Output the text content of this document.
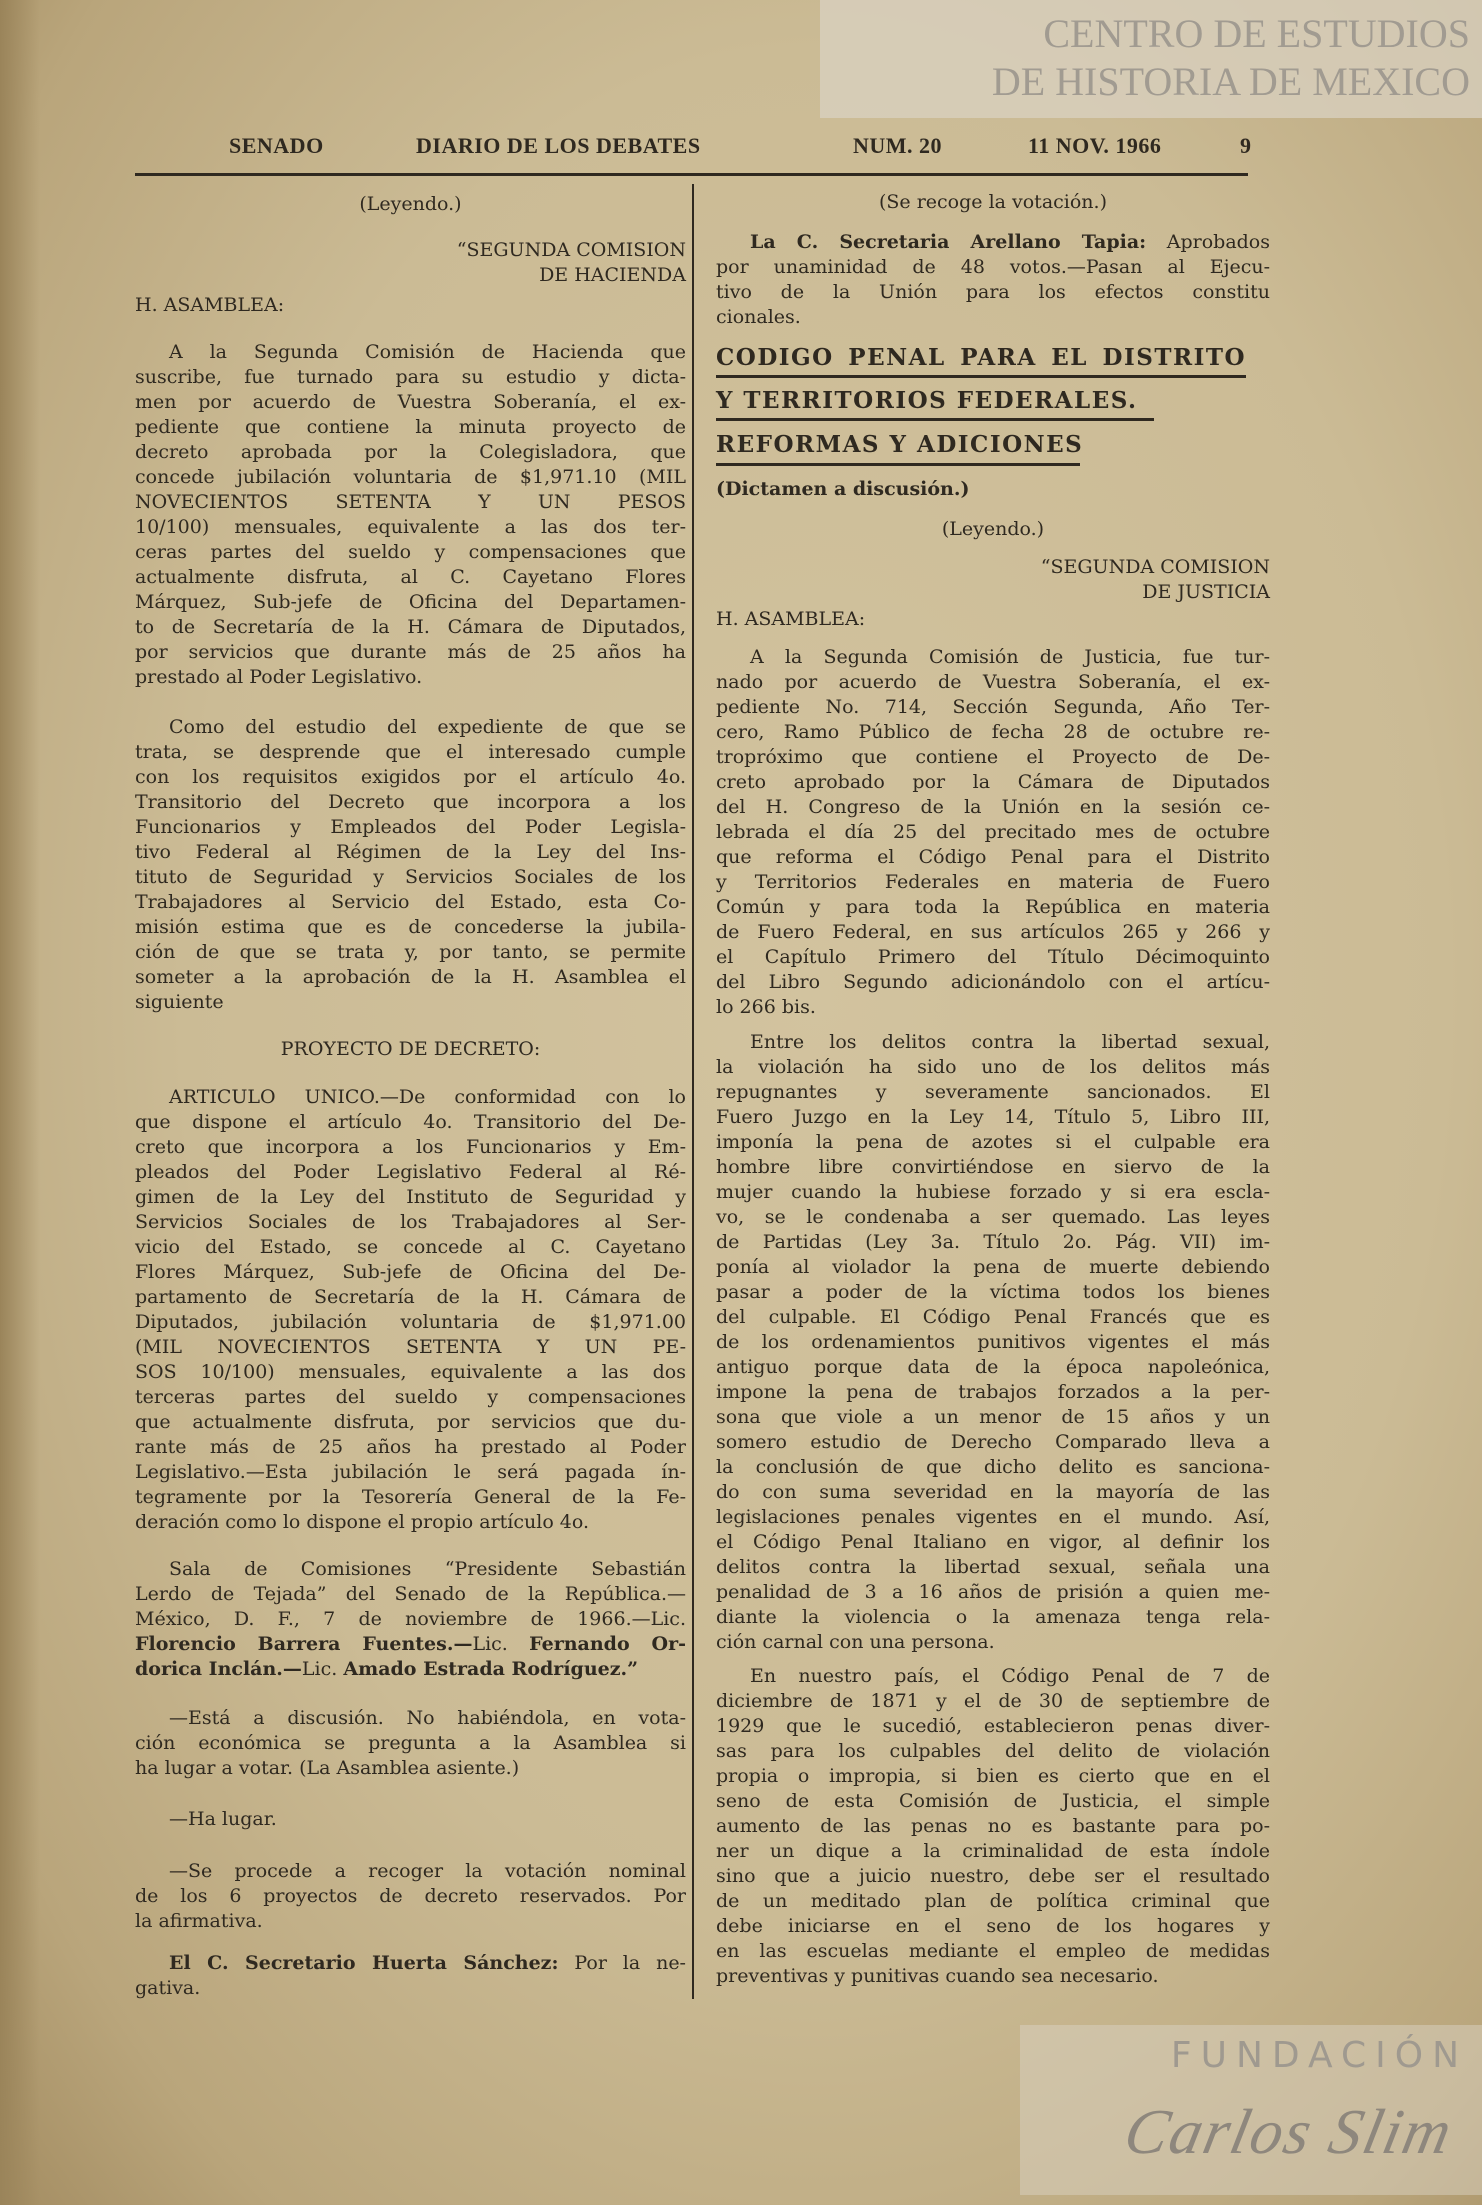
CENTRO DE ESTUDIOS
DE HISTORIA DE MEXICO
FUNDACIÓN
Carlos Slim
SENADO	DIARIO DE LOS DEBATES	NUM. 20	11 NOV. 1966	9
(Leyendo.)
“SEGUNDA COMISION
DE HACIENDA
H. ASAMBLEA:
A la Segunda Comisión de Hacienda que
suscribe, fue turnado para su estudio y dicta-
men por acuerdo de Vuestra Soberanía, el ex-
pediente que contiene la minuta proyecto de
decreto aprobada por la Colegisladora, que
concede jubilación voluntaria de $1,971.10 (MIL
NOVECIENTOS SETENTA Y UN PESOS
10/100) mensuales, equivalente a las dos ter-
ceras partes del sueldo y compensaciones que
actualmente disfruta, al C. Cayetano Flores
Márquez, Sub-jefe de Oficina del Departamen-
to de Secretaría de la H. Cámara de Diputados,
por servicios que durante más de 25 años ha
prestado al Poder Legislativo.
Como del estudio del expediente de que se
trata, se desprende que el interesado cumple
con los requisitos exigidos por el artículo 4o.
Transitorio del Decreto que incorpora a los
Funcionarios y Empleados del Poder Legisla-
tivo Federal al Régimen de la Ley del Ins-
tituto de Seguridad y Servicios Sociales de los
Trabajadores al Servicio del Estado, esta Co-
misión estima que es de concederse la jubila-
ción de que se trata y, por tanto, se permite
someter a la aprobación de la H. Asamblea el
siguiente
PROYECTO DE DECRETO:
ARTICULO UNICO.—De conformidad con lo
que dispone el artículo 4o. Transitorio del De-
creto que incorpora a los Funcionarios y Em-
pleados del Poder Legislativo Federal al Ré-
gimen de la Ley del Instituto de Seguridad y
Servicios Sociales de los Trabajadores al Ser-
vicio del Estado, se concede al C. Cayetano
Flores Márquez, Sub-jefe de Oficina del De-
partamento de Secretaría de la H. Cámara de
Diputados, jubilación voluntaria de $1,971.00
(MIL NOVECIENTOS SETENTA Y UN PE-
SOS 10/100) mensuales, equivalente a las dos
terceras partes del sueldo y compensaciones
que actualmente disfruta, por servicios que du-
rante más de 25 años ha prestado al Poder
Legislativo.—Esta jubilación le será pagada ín-
tegramente por la Tesorería General de la Fe-
deración como lo dispone el propio artículo 4o.
Sala de Comisiones “Presidente Sebastián
Lerdo de Tejada” del Senado de la República.—
México, D. F., 7 de noviembre de 1966.—Lic.
Florencio Barrera Fuentes.—Lic. Fernando Or-
dorica Inclán.—Lic. Amado Estrada Rodríguez.”
—Está a discusión. No habiéndola, en vota-
ción económica se pregunta a la Asamblea si
ha lugar a votar. (La Asamblea asiente.)
—Ha lugar.
—Se procede a recoger la votación nominal
de los 6 proyectos de decreto reservados. Por
la afirmativa.
El C. Secretario Huerta Sánchez: Por la ne-
gativa.
(Se recoge la votación.)
La C. Secretaria Arellano Tapia: Aprobados
por unaminidad de 48 votos.—Pasan al Ejecu-
tivo de la Unión para los efectos constitu
cionales.
CODIGO PENAL PARA EL DISTRITO
Y TERRITORIOS FEDERALES.
REFORMAS Y ADICIONES
(Dictamen a discusión.)
(Leyendo.)
“SEGUNDA COMISION
DE JUSTICIA
H. ASAMBLEA:
A la Segunda Comisión de Justicia, fue tur-
nado por acuerdo de Vuestra Soberanía, el ex-
pediente No. 714, Sección Segunda, Año Ter-
cero, Ramo Público de fecha 28 de octubre re-
tropróximo que contiene el Proyecto de De-
creto aprobado por la Cámara de Diputados
del H. Congreso de la Unión en la sesión ce-
lebrada el día 25 del precitado mes de octubre
que reforma el Código Penal para el Distrito
y Territorios Federales en materia de Fuero
Común y para toda la República en materia
de Fuero Federal, en sus artículos 265 y 266 y
el Capítulo Primero del Título Décimoquinto
del Libro Segundo adicionándolo con el artícu-
lo 266 bis.
Entre los delitos contra la libertad sexual,
la violación ha sido uno de los delitos más
repugnantes y severamente sancionados. El
Fuero Juzgo en la Ley 14, Título 5, Libro III,
imponía la pena de azotes si el culpable era
hombre libre convirtiéndose en siervo de la
mujer cuando la hubiese forzado y si era escla-
vo, se le condenaba a ser quemado. Las leyes
de Partidas (Ley 3a. Título 2o. Pág. VII) im-
ponía al violador la pena de muerte debiendo
pasar a poder de la víctima todos los bienes
del culpable. El Código Penal Francés que es
de los ordenamientos punitivos vigentes el más
antiguo porque data de la época napoleónica,
impone la pena de trabajos forzados a la per-
sona que viole a un menor de 15 años y un
somero estudio de Derecho Comparado lleva a
la conclusión de que dicho delito es sanciona-
do con suma severidad en la mayoría de las
legislaciones penales vigentes en el mundo. Así,
el Código Penal Italiano en vigor, al definir los
delitos contra la libertad sexual, señala una
penalidad de 3 a 16 años de prisión a quien me-
diante la violencia o la amenaza tenga rela-
ción carnal con una persona.
En nuestro país, el Código Penal de 7 de
diciembre de 1871 y el de 30 de septiembre de
1929 que le sucedió, establecieron penas diver-
sas para los culpables del delito de violación
propia o impropia, si bien es cierto que en el
seno de esta Comisión de Justicia, el simple
aumento de las penas no es bastante para po-
ner un dique a la criminalidad de esta índole
sino que a juicio nuestro, debe ser el resultado
de un meditado plan de política criminal que
debe iniciarse en el seno de los hogares y
en las escuelas mediante el empleo de medidas
preventivas y punitivas cuando sea necesario.
